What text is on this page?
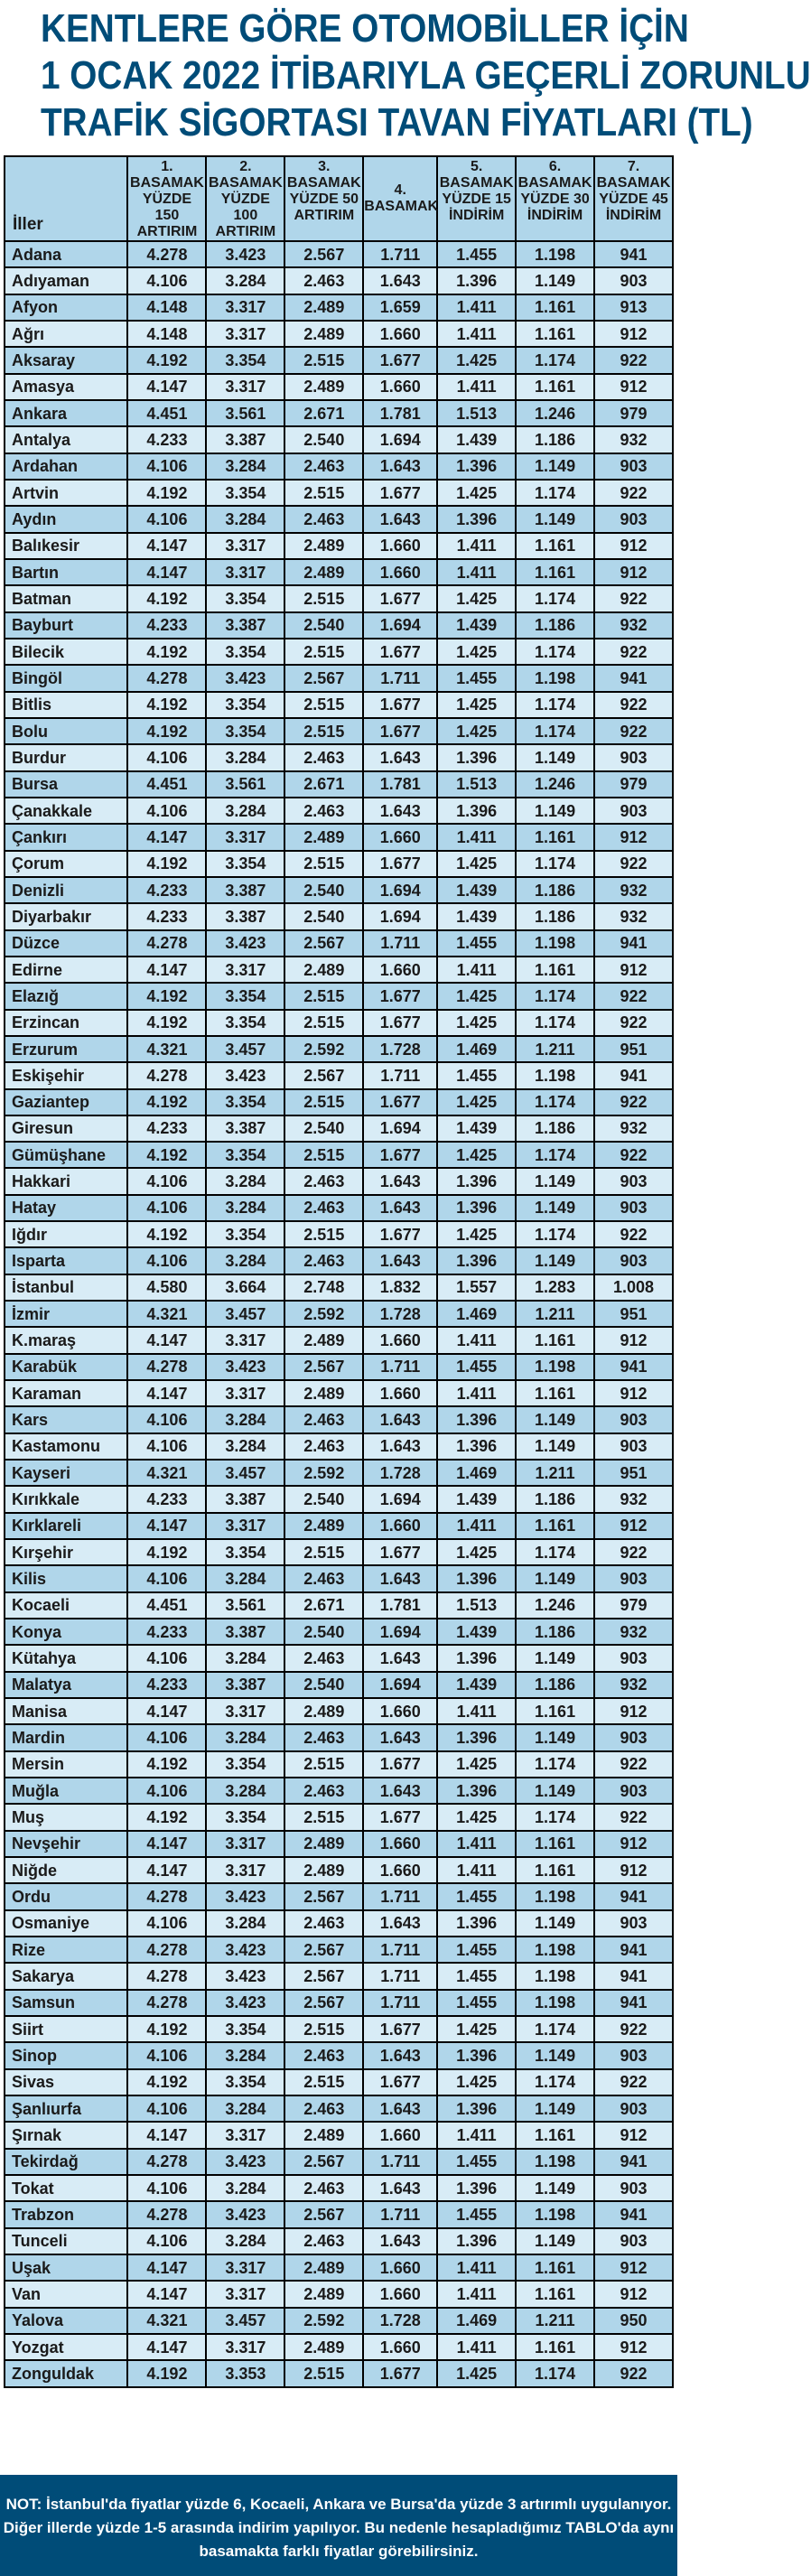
KENTLERE GÖRE OTOMOBİLLER İÇİN
1 OCAK 2022 İTİBARIYLA GEÇERLİ ZORUNLU
TRAFİK SİGORTASI TAVAN FİYATLARI (TL)
İller	1. BASAMAK YÜZDE 150 ARTIRIM	2. BASAMAK YÜZDE 100 ARTIRIM	3. BASAMAK YÜZDE 50 ARTIRIM	4. BASAMAK	5. BASAMAK YÜZDE 15 İNDİRİM	6. BASAMAK YÜZDE 30 İNDİRİM	7. BASAMAK YÜZDE 45 İNDİRİM
Adana	4.278	3.423	2.567	1.711	1.455	1.198	941
Adıyaman	4.106	3.284	2.463	1.643	1.396	1.149	903
Afyon	4.148	3.317	2.489	1.659	1.411	1.161	913
Ağrı	4.148	3.317	2.489	1.660	1.411	1.161	912
Aksaray	4.192	3.354	2.515	1.677	1.425	1.174	922
Amasya	4.147	3.317	2.489	1.660	1.411	1.161	912
Ankara	4.451	3.561	2.671	1.781	1.513	1.246	979
Antalya	4.233	3.387	2.540	1.694	1.439	1.186	932
Ardahan	4.106	3.284	2.463	1.643	1.396	1.149	903
Artvin	4.192	3.354	2.515	1.677	1.425	1.174	922
Aydın	4.106	3.284	2.463	1.643	1.396	1.149	903
Balıkesir	4.147	3.317	2.489	1.660	1.411	1.161	912
Bartın	4.147	3.317	2.489	1.660	1.411	1.161	912
Batman	4.192	3.354	2.515	1.677	1.425	1.174	922
Bayburt	4.233	3.387	2.540	1.694	1.439	1.186	932
Bilecik	4.192	3.354	2.515	1.677	1.425	1.174	922
Bingöl	4.278	3.423	2.567	1.711	1.455	1.198	941
Bitlis	4.192	3.354	2.515	1.677	1.425	1.174	922
Bolu	4.192	3.354	2.515	1.677	1.425	1.174	922
Burdur	4.106	3.284	2.463	1.643	1.396	1.149	903
Bursa	4.451	3.561	2.671	1.781	1.513	1.246	979
Çanakkale	4.106	3.284	2.463	1.643	1.396	1.149	903
Çankırı	4.147	3.317	2.489	1.660	1.411	1.161	912
Çorum	4.192	3.354	2.515	1.677	1.425	1.174	922
Denizli	4.233	3.387	2.540	1.694	1.439	1.186	932
Diyarbakır	4.233	3.387	2.540	1.694	1.439	1.186	932
Düzce	4.278	3.423	2.567	1.711	1.455	1.198	941
Edirne	4.147	3.317	2.489	1.660	1.411	1.161	912
Elazığ	4.192	3.354	2.515	1.677	1.425	1.174	922
Erzincan	4.192	3.354	2.515	1.677	1.425	1.174	922
Erzurum	4.321	3.457	2.592	1.728	1.469	1.211	951
Eskişehir	4.278	3.423	2.567	1.711	1.455	1.198	941
Gaziantep	4.192	3.354	2.515	1.677	1.425	1.174	922
Giresun	4.233	3.387	2.540	1.694	1.439	1.186	932
Gümüşhane	4.192	3.354	2.515	1.677	1.425	1.174	922
Hakkari	4.106	3.284	2.463	1.643	1.396	1.149	903
Hatay	4.106	3.284	2.463	1.643	1.396	1.149	903
Iğdır	4.192	3.354	2.515	1.677	1.425	1.174	922
Isparta	4.106	3.284	2.463	1.643	1.396	1.149	903
İstanbul	4.580	3.664	2.748	1.832	1.557	1.283	1.008
İzmir	4.321	3.457	2.592	1.728	1.469	1.211	951
K.maraş	4.147	3.317	2.489	1.660	1.411	1.161	912
Karabük	4.278	3.423	2.567	1.711	1.455	1.198	941
Karaman	4.147	3.317	2.489	1.660	1.411	1.161	912
Kars	4.106	3.284	2.463	1.643	1.396	1.149	903
Kastamonu	4.106	3.284	2.463	1.643	1.396	1.149	903
Kayseri	4.321	3.457	2.592	1.728	1.469	1.211	951
Kırıkkale	4.233	3.387	2.540	1.694	1.439	1.186	932
Kırklareli	4.147	3.317	2.489	1.660	1.411	1.161	912
Kırşehir	4.192	3.354	2.515	1.677	1.425	1.174	922
Kilis	4.106	3.284	2.463	1.643	1.396	1.149	903
Kocaeli	4.451	3.561	2.671	1.781	1.513	1.246	979
Konya	4.233	3.387	2.540	1.694	1.439	1.186	932
Kütahya	4.106	3.284	2.463	1.643	1.396	1.149	903
Malatya	4.233	3.387	2.540	1.694	1.439	1.186	932
Manisa	4.147	3.317	2.489	1.660	1.411	1.161	912
Mardin	4.106	3.284	2.463	1.643	1.396	1.149	903
Mersin	4.192	3.354	2.515	1.677	1.425	1.174	922
Muğla	4.106	3.284	2.463	1.643	1.396	1.149	903
Muş	4.192	3.354	2.515	1.677	1.425	1.174	922
Nevşehir	4.147	3.317	2.489	1.660	1.411	1.161	912
Niğde	4.147	3.317	2.489	1.660	1.411	1.161	912
Ordu	4.278	3.423	2.567	1.711	1.455	1.198	941
Osmaniye	4.106	3.284	2.463	1.643	1.396	1.149	903
Rize	4.278	3.423	2.567	1.711	1.455	1.198	941
Sakarya	4.278	3.423	2.567	1.711	1.455	1.198	941
Samsun	4.278	3.423	2.567	1.711	1.455	1.198	941
Siirt	4.192	3.354	2.515	1.677	1.425	1.174	922
Sinop	4.106	3.284	2.463	1.643	1.396	1.149	903
Sivas	4.192	3.354	2.515	1.677	1.425	1.174	922
Şanlıurfa	4.106	3.284	2.463	1.643	1.396	1.149	903
Şırnak	4.147	3.317	2.489	1.660	1.411	1.161	912
Tekirdağ	4.278	3.423	2.567	1.711	1.455	1.198	941
Tokat	4.106	3.284	2.463	1.643	1.396	1.149	903
Trabzon	4.278	3.423	2.567	1.711	1.455	1.198	941
Tunceli	4.106	3.284	2.463	1.643	1.396	1.149	903
Uşak	4.147	3.317	2.489	1.660	1.411	1.161	912
Van	4.147	3.317	2.489	1.660	1.411	1.161	912
Yalova	4.321	3.457	2.592	1.728	1.469	1.211	950
Yozgat	4.147	3.317	2.489	1.660	1.411	1.161	912
Zonguldak	4.192	3.353	2.515	1.677	1.425	1.174	922
NOT: İstanbul'da fiyatlar yüzde 6, Kocaeli, Ankara ve Bursa'da yüzde 3 artırımlı uygulanıyor. Diğer illerde yüzde 1-5 arasında indirim yapılıyor. Bu nedenle hesapladığımız TABLO'da aynı basamakta farklı fiyatlar görebilirsiniz.
